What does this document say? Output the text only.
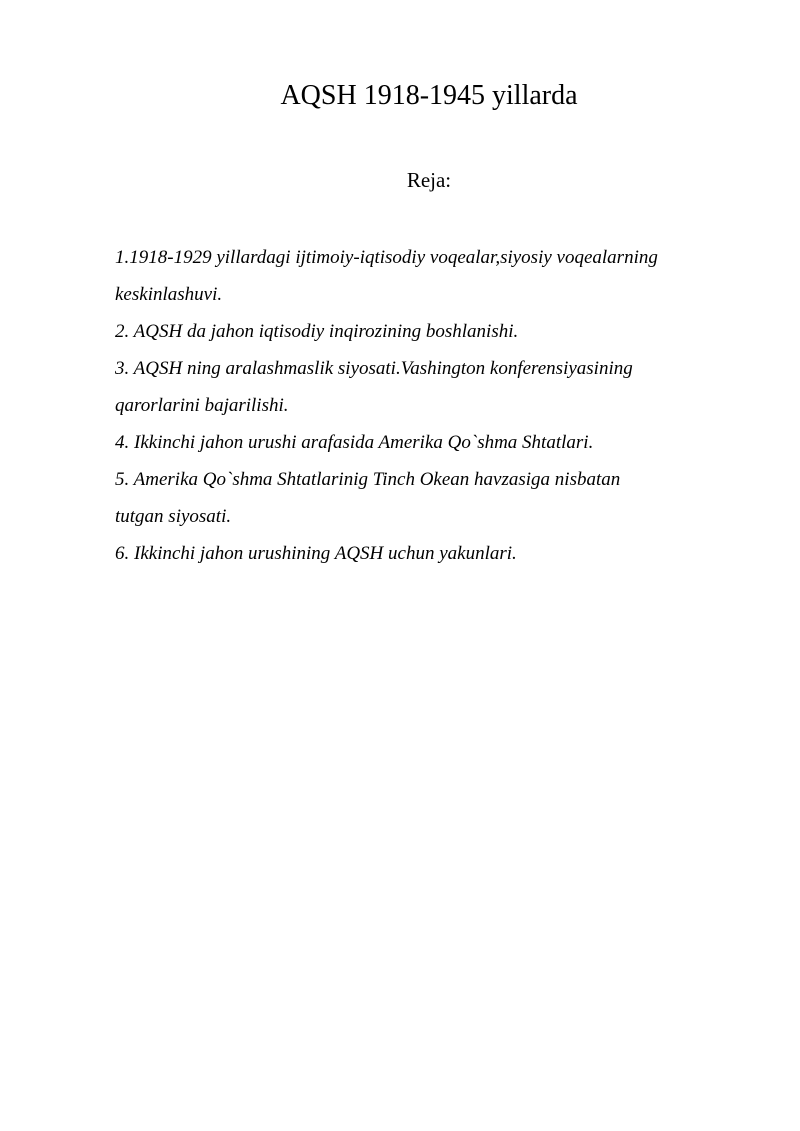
AQSH 1918-1945 yillarda
Reja:

1.1918-1929 yillardagi ijtimoiy-iqtisodiy voqealar,siyosiy voqealarning

keskinlashuvi.

2. AQSH da jahon iqtisodiy inqirozining boshlanishi.

3. AQSH ning aralashmaslik siyosati.Vashington konferensiyasining

qarorlarini bajarilishi.

4. Ikkinchi jahon urushi arafasida Amerika Qo`shma Shtatlari.

5. Amerika Qo`shma Shtatlarinig Tinch Okean havzasiga nisbatan

tutgan siyosati.

6. Ikkinchi jahon urushining AQSH uchun yakunlari.
